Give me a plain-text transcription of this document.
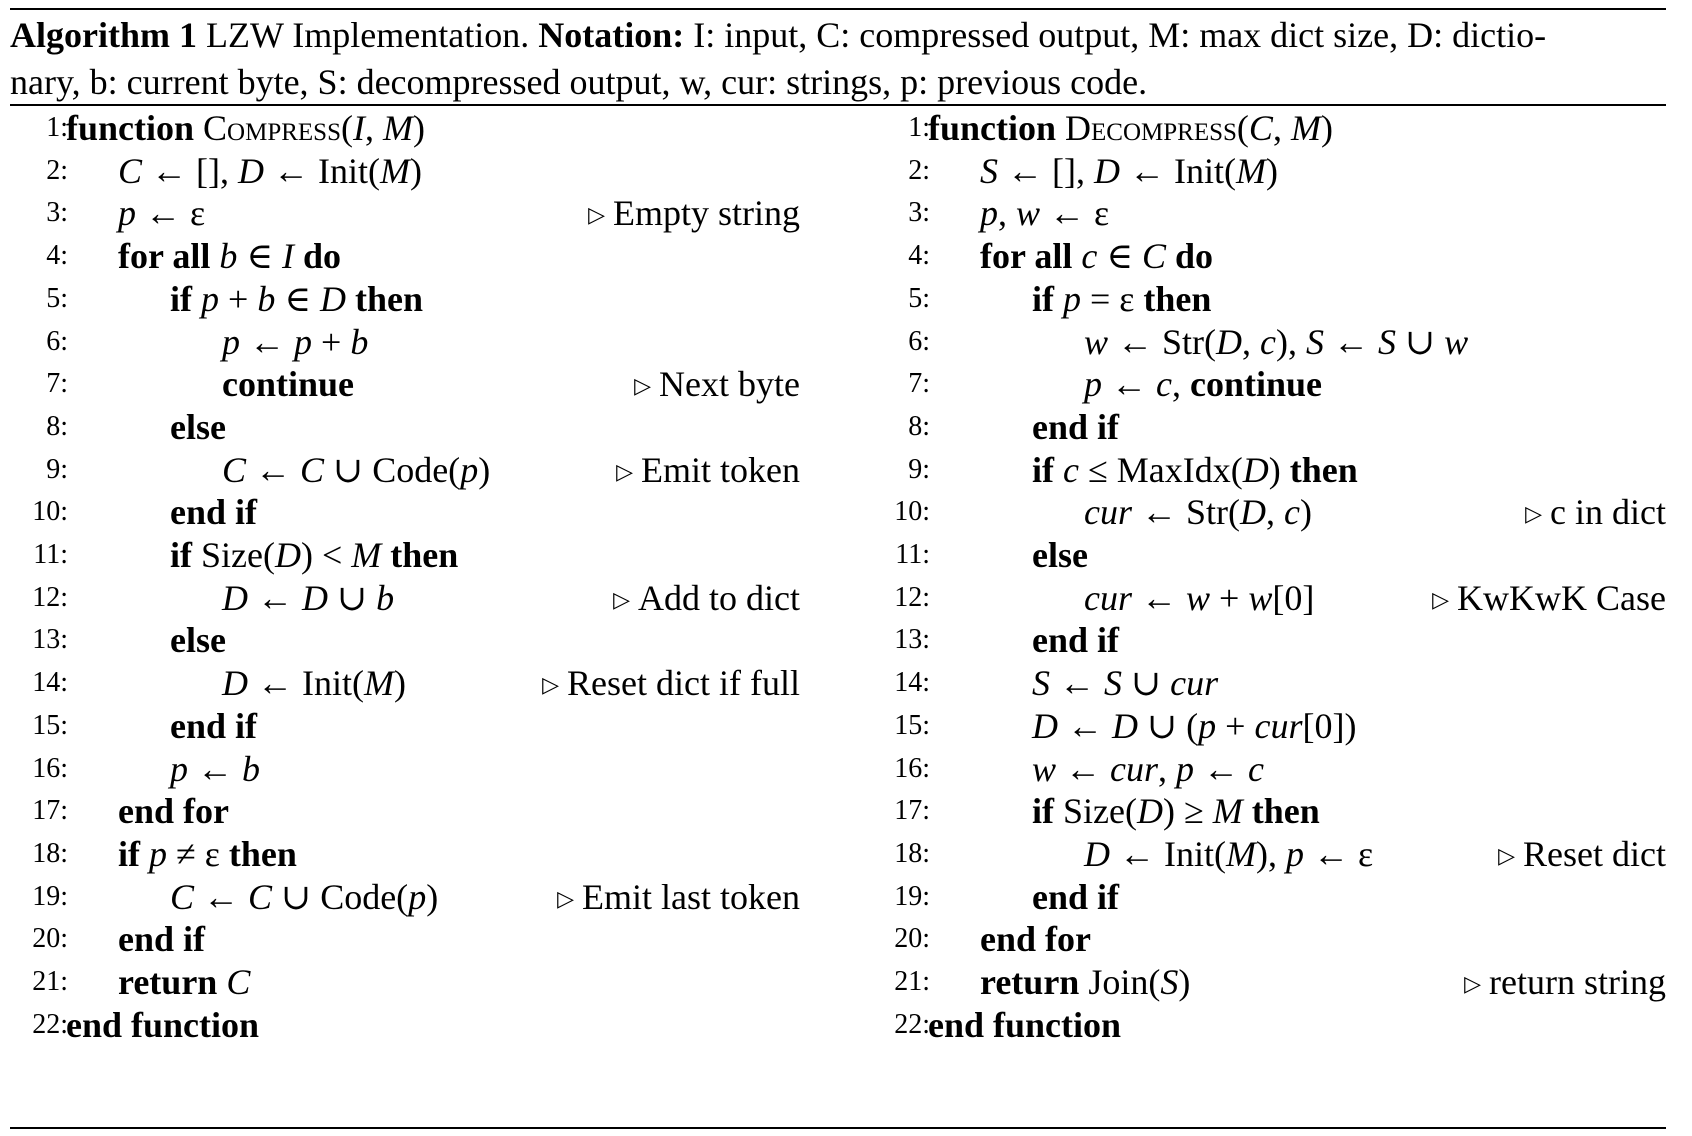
Algorithm 1 LZW Implementation. Notation: I: input, C: compressed output, M: max dict size, D: dictio-
nary, b: current byte, S: decompressed output, w, cur: strings, p: previous code.
1:
function Compress(I, M)
2: C ← [], D ← Init(M)
3: p ← ε	▷ Empty string
4: for all b ∈ I do
5:	if p + b ∈ D then
6:	p ← p + b
7:	continue	▷ Next byte
8:	else
9:	C ← C ∪ Code(p)	▷ Emit token
10:	end if
11:	if Size(D) < M then
12:	D ← D ∪ b	▷ Add to dict
13:	else
14:	D ← Init(M)	▷ Reset dict if full
15:	end if
16:	p ← b
17: end for
18: if p ≠ ε then
19:	C ← C ∪ Code(p)	▷ Emit last token
20: end if
21: return C
22:
end function
1:
function Decompress(C, M)
2: S ← [], D ← Init(M)
3: p, w ← ε
4: for all c ∈ C do
5:	if p = ε then
6:	w ← Str(D, c), S ← S ∪ w
7:	p ← c, continue
8:	end if
9:	if c ≤ MaxIdx(D) then
10:	cur ← Str(D, c)	▷ c in dict
11:	else
12:	cur ← w + w[0]	▷ KwKwK Case
13:	end if
14:	S ← S ∪ cur
15:	D ← D ∪ (p + cur[0])
16:	w ← cur, p ← c
17:	if Size(D) ≥ M then
18:	D ← Init(M), p ← ε	▷ Reset dict
19:	end if
20: end for
21: return Join(S)	▷ return string
22:
end function
